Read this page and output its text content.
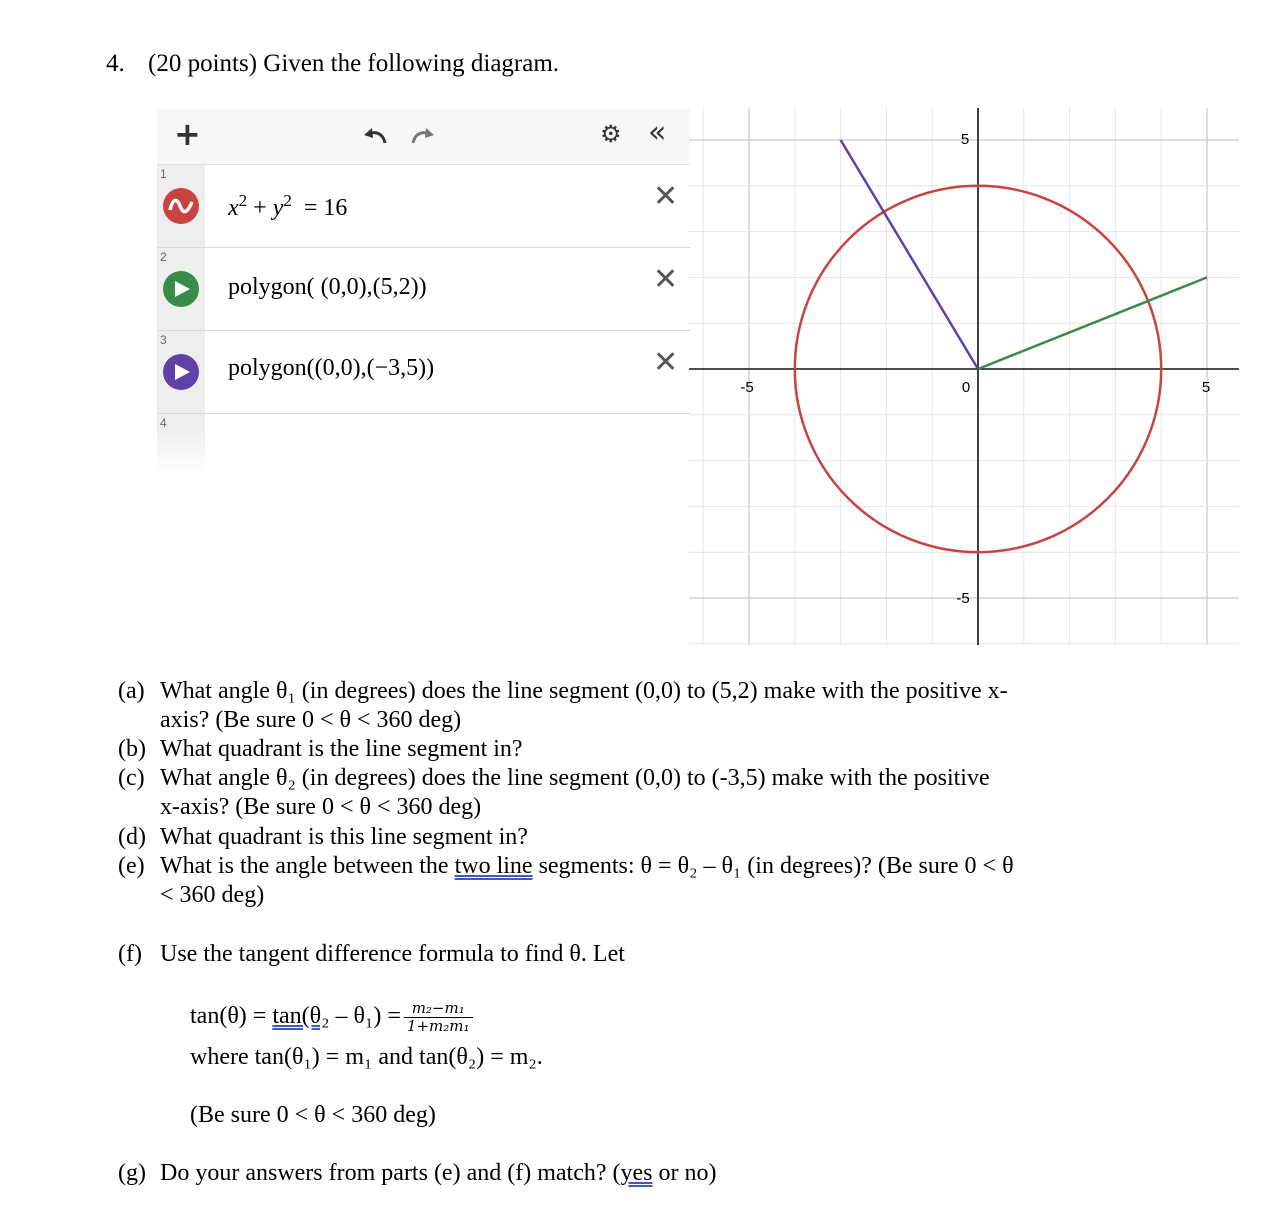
4. (20 points) Given the following diagram.
+	⚙ «
1
$x^2 + y^2 = 16$	✕
2
polygon( (0,0),(5,2))	✕
3
polygon((0,0),(−3,5))	✕
4
-5	0	5
5
-5
(a) What angle θ₁ (in degrees) does the line segment (0,0) to (5,2) make with the positive x-
axis? (Be sure 0 < θ < 360 deg)
(b) What quadrant is the line segment in?
(c) What angle θ₂ (in degrees) does the line segment (0,0) to (-3,5) make with the positive
x-axis? (Be sure 0 < θ < 360 deg)
(d) What quadrant is this line segment in?
(e) What is the angle between the two line segments: θ = θ₂ – θ₁ (in degrees)? (Be sure 0 < θ
< 360 deg)
(f) Use the tangent difference formula to find θ. Let
$\tan(\theta) = \tan(\theta_2 - \theta_1) = \frac{\text{m₂−m₁}}{\text{1+m₂m₁}}$
where tan(θ₁) = m₁ and tan(θ₂) = m₂.
(Be sure 0 < θ < 360 deg)
(g) Do your answers from parts (e) and (f) match? (yes or no)
